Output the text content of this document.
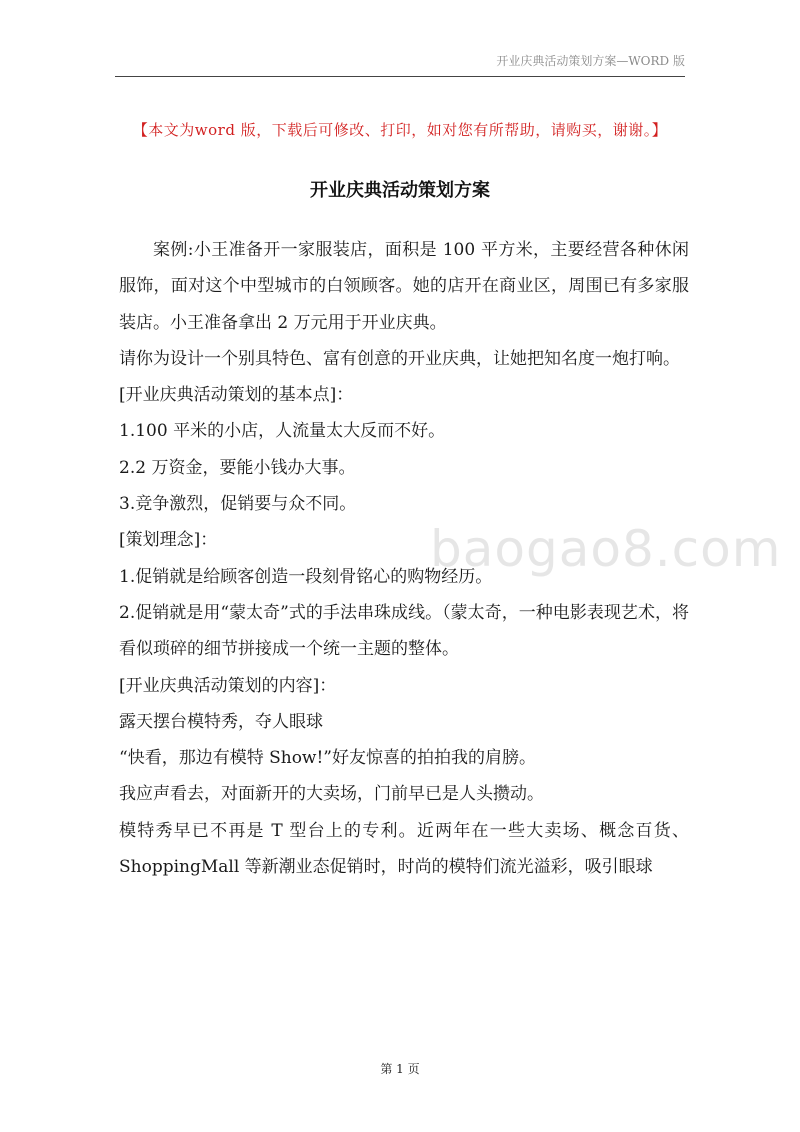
开业庆典活动策划方案—WORD 版
【本文为word 版，下载后可修改、打印，如对您有所帮助，请购买，谢谢。】
开业庆典活动策划方案

案例:小王准备开一家服装店，面积是 100 平方米，主要经营各种休闲服饰，面对这个中型城市的白领顾客。她的店开在商业区，周围已有多家服装店。小王准备拿出 2 万元用于开业庆典。

请你为设计一个别具特色、富有创意的开业庆典，让她把知名度一炮打响。

[开业庆典活动策划的基本点]：

1.100 平米的小店，人流量太大反而不好。

2.2 万资金，要能小钱办大事。

3.竞争激烈，促销要与众不同。

[策划理念]：

1.促销就是给顾客创造一段刻骨铭心的购物经历。

2.促销就是用“蒙太奇”式的手法串珠成线。（蒙太奇，一种电影表现艺术，将看似琐碎的细节拼接成一个统一主题的整体。

[开业庆典活动策划的内容]：

露天摆台模特秀，夺人眼球

“快看，那边有模特 Show!”好友惊喜的拍拍我的肩膀。

我应声看去，对面新开的大卖场，门前早已是人头攒动。

模特秀早已不再是 T 型台上的专利。近两年在一些大卖场、概念百货、ShoppingMall 等新潮业态促销时，时尚的模特们流光溢彩，吸引眼球

baogao8.com
第 1 页
